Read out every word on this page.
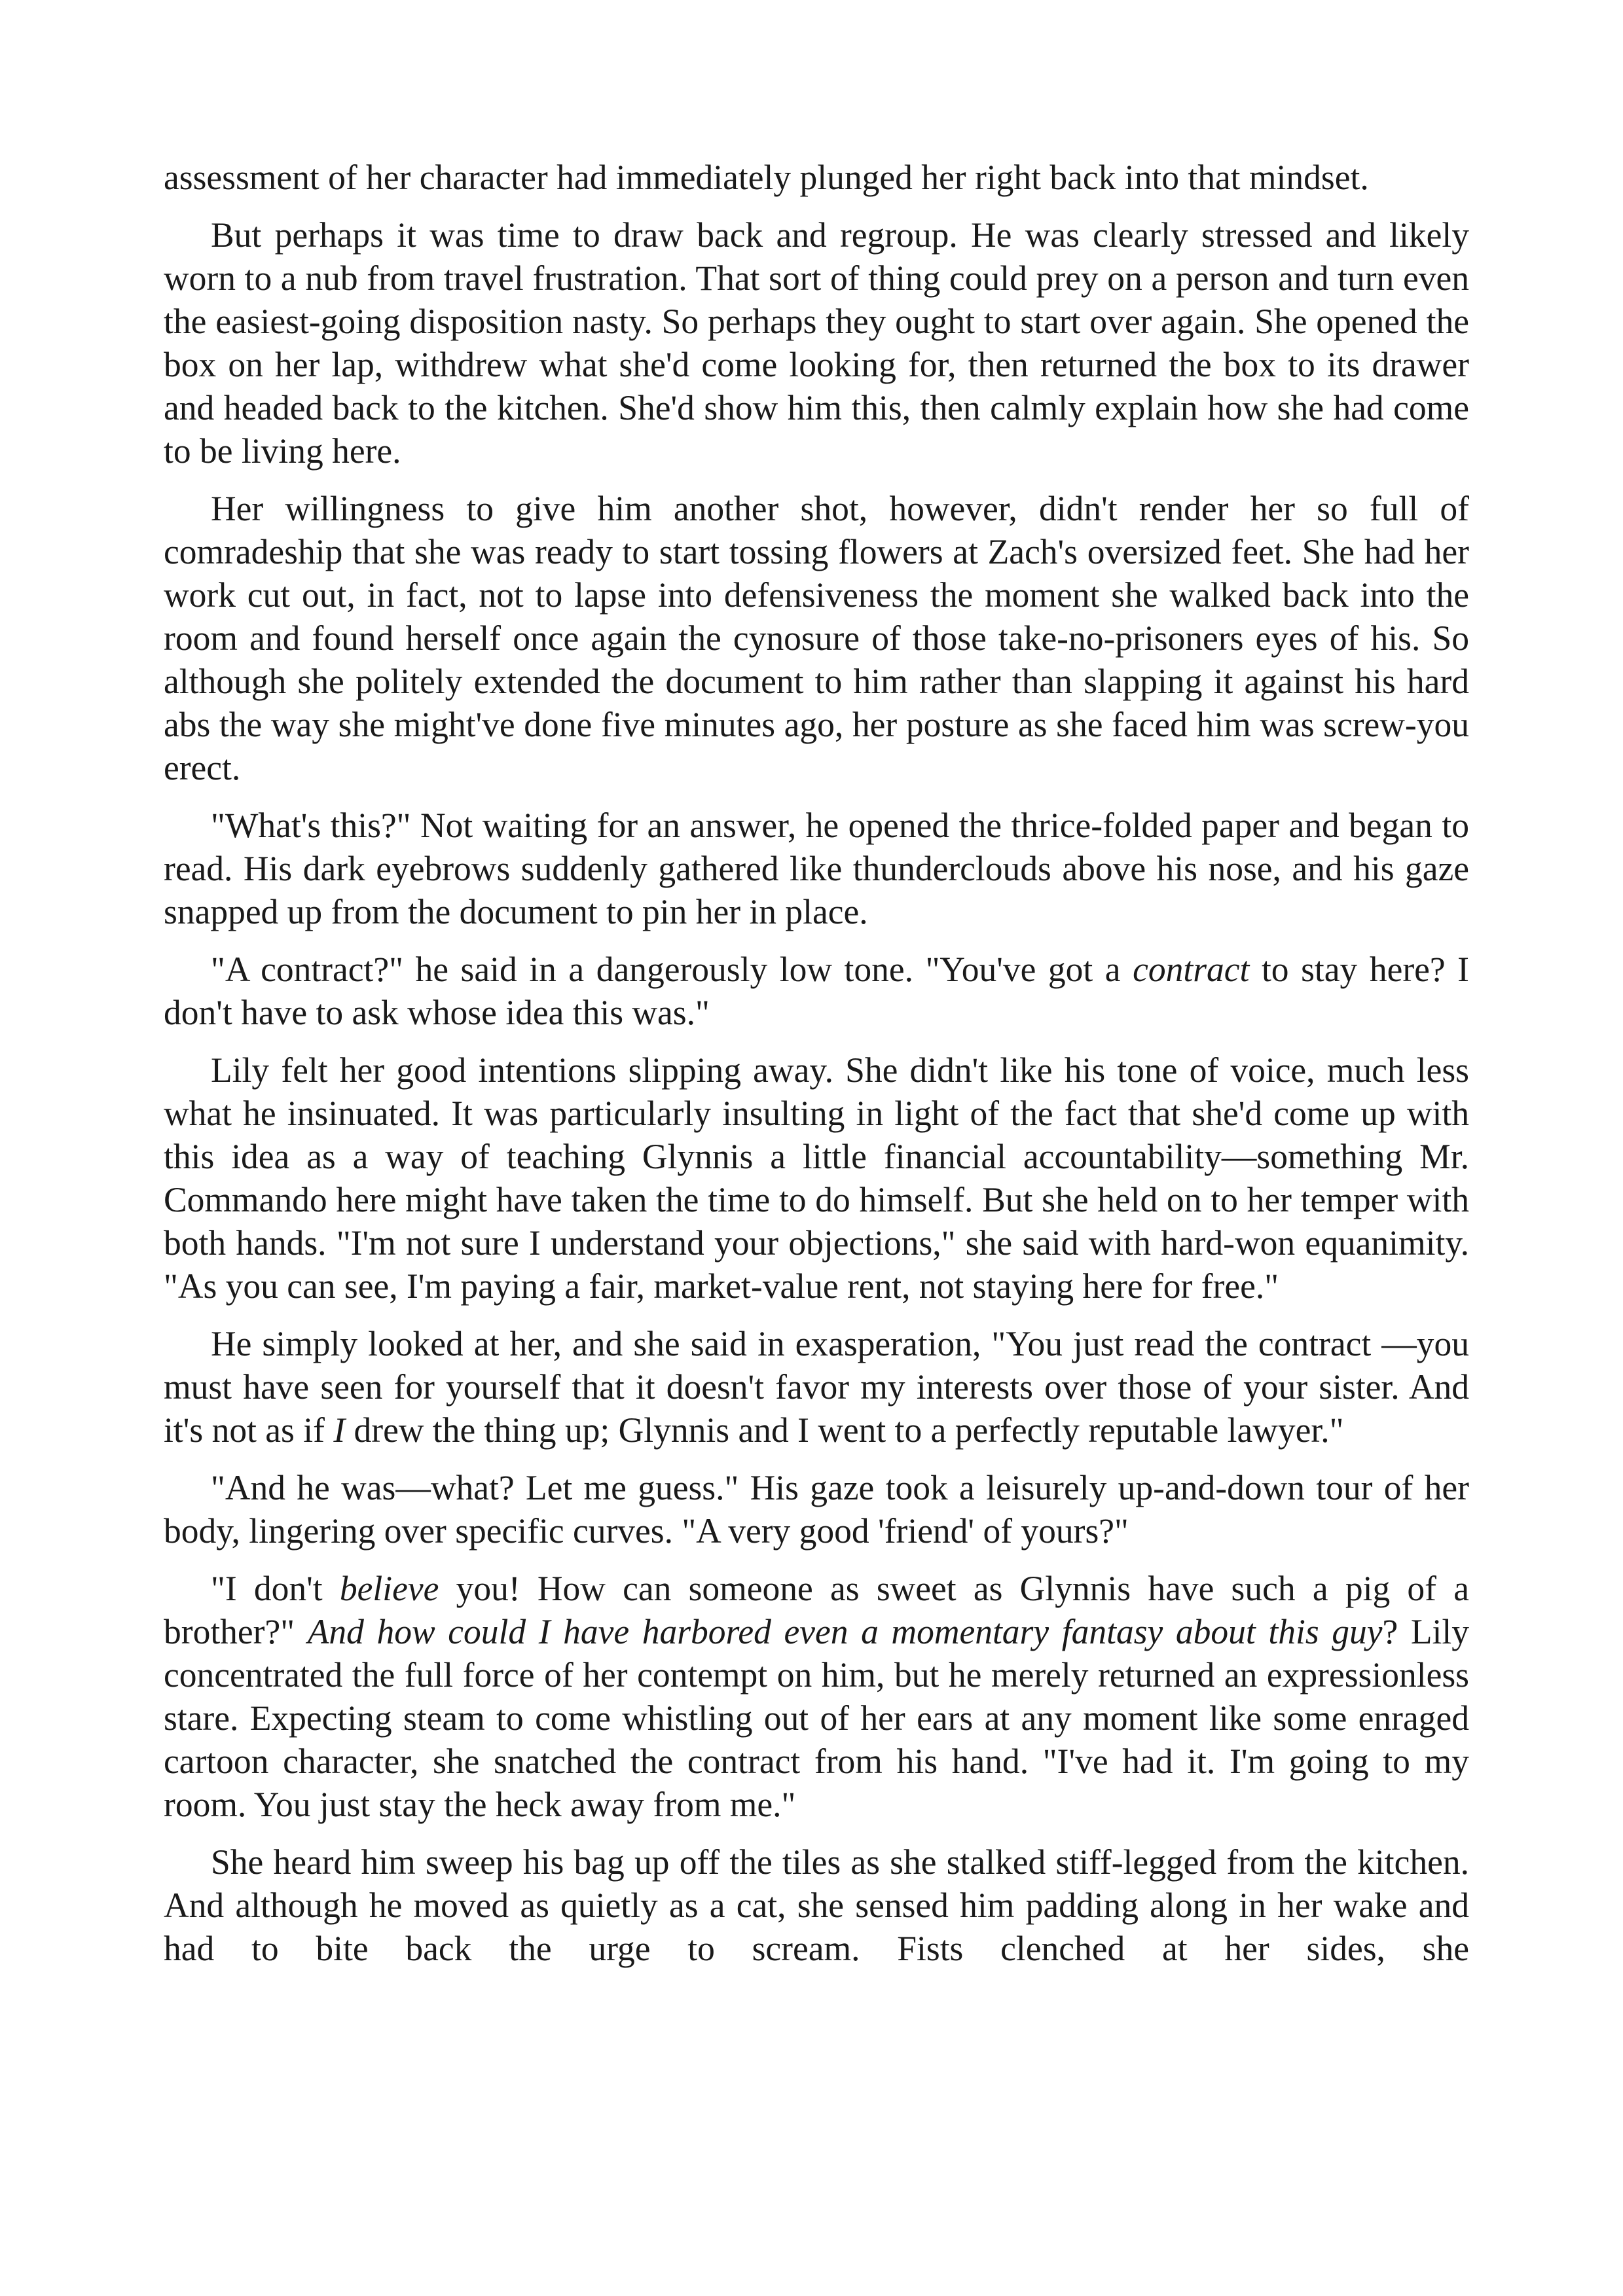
assessment of her character had immediately plunged her right back into that mindset.

But perhaps it was time to draw back and regroup. He was clearly stressed and likely worn to a nub from travel frustration. That sort of thing could prey on a person and turn even the easiest-going disposition nasty. So perhaps they ought to start over again. She opened the box on her lap, withdrew what she'd come looking for, then returned the box to its drawer and headed back to the kitchen. She'd show him this, then calmly explain how she had come to be living here.

Her willingness to give him another shot, however, didn't render her so full of comradeship that she was ready to start tossing flowers at Zach's oversized feet. She had her work cut out, in fact, not to lapse into defensiveness the moment she walked back into the room and found herself once again the cynosure of those take-no-prisoners eyes of his. So although she politely extended the document to him rather than slapping it against his hard abs the way she might've done five minutes ago, her posture as she faced him was screw-you erect.

"What's this?" Not waiting for an answer, he opened the thrice-folded paper and began to read. His dark eyebrows suddenly gathered like thunderclouds above his nose, and his gaze snapped up from the document to pin her in place.

"A contract?" he said in a dangerously low tone. "You've got a contract to stay here? I don't have to ask whose idea this was."

Lily felt her good intentions slipping away. She didn't like his tone of voice, much less what he insinuated. It was particularly insulting in light of the fact that she'd come up with this idea as a way of teaching Glynnis a little financial accountability—something Mr. Commando here might have taken the time to do himself. But she held on to her temper with both hands. "I'm not sure I understand your objections," she said with hard-won equanimity. "As you can see, I'm paying a fair, market-value rent, not staying here for free."

He simply looked at her, and she said in exasperation, "You just read the contract —you must have seen for yourself that it doesn't favor my interests over those of your sister. And it's not as if I drew the thing up; Glynnis and I went to a perfectly reputable lawyer."

"And he was—what? Let me guess." His gaze took a leisurely up-and-down tour of her body, lingering over specific curves. "A very good 'friend' of yours?"

"I don't believe you! How can someone as sweet as Glynnis have such a pig of a brother?" And how could I have harbored even a momentary fantasy about this guy? Lily concentrated the full force of her contempt on him, but he merely returned an expressionless stare. Expecting steam to come whistling out of her ears at any moment like some enraged cartoon character, she snatched the contract from his hand. "I've had it. I'm going to my room. You just stay the heck away from me."

She heard him sweep his bag up off the tiles as she stalked stiff-legged from the kitchen. And although he moved as quietly as a cat, she sensed him padding along in her wake and had to bite back the urge to scream. Fists clenched at her sides, she
